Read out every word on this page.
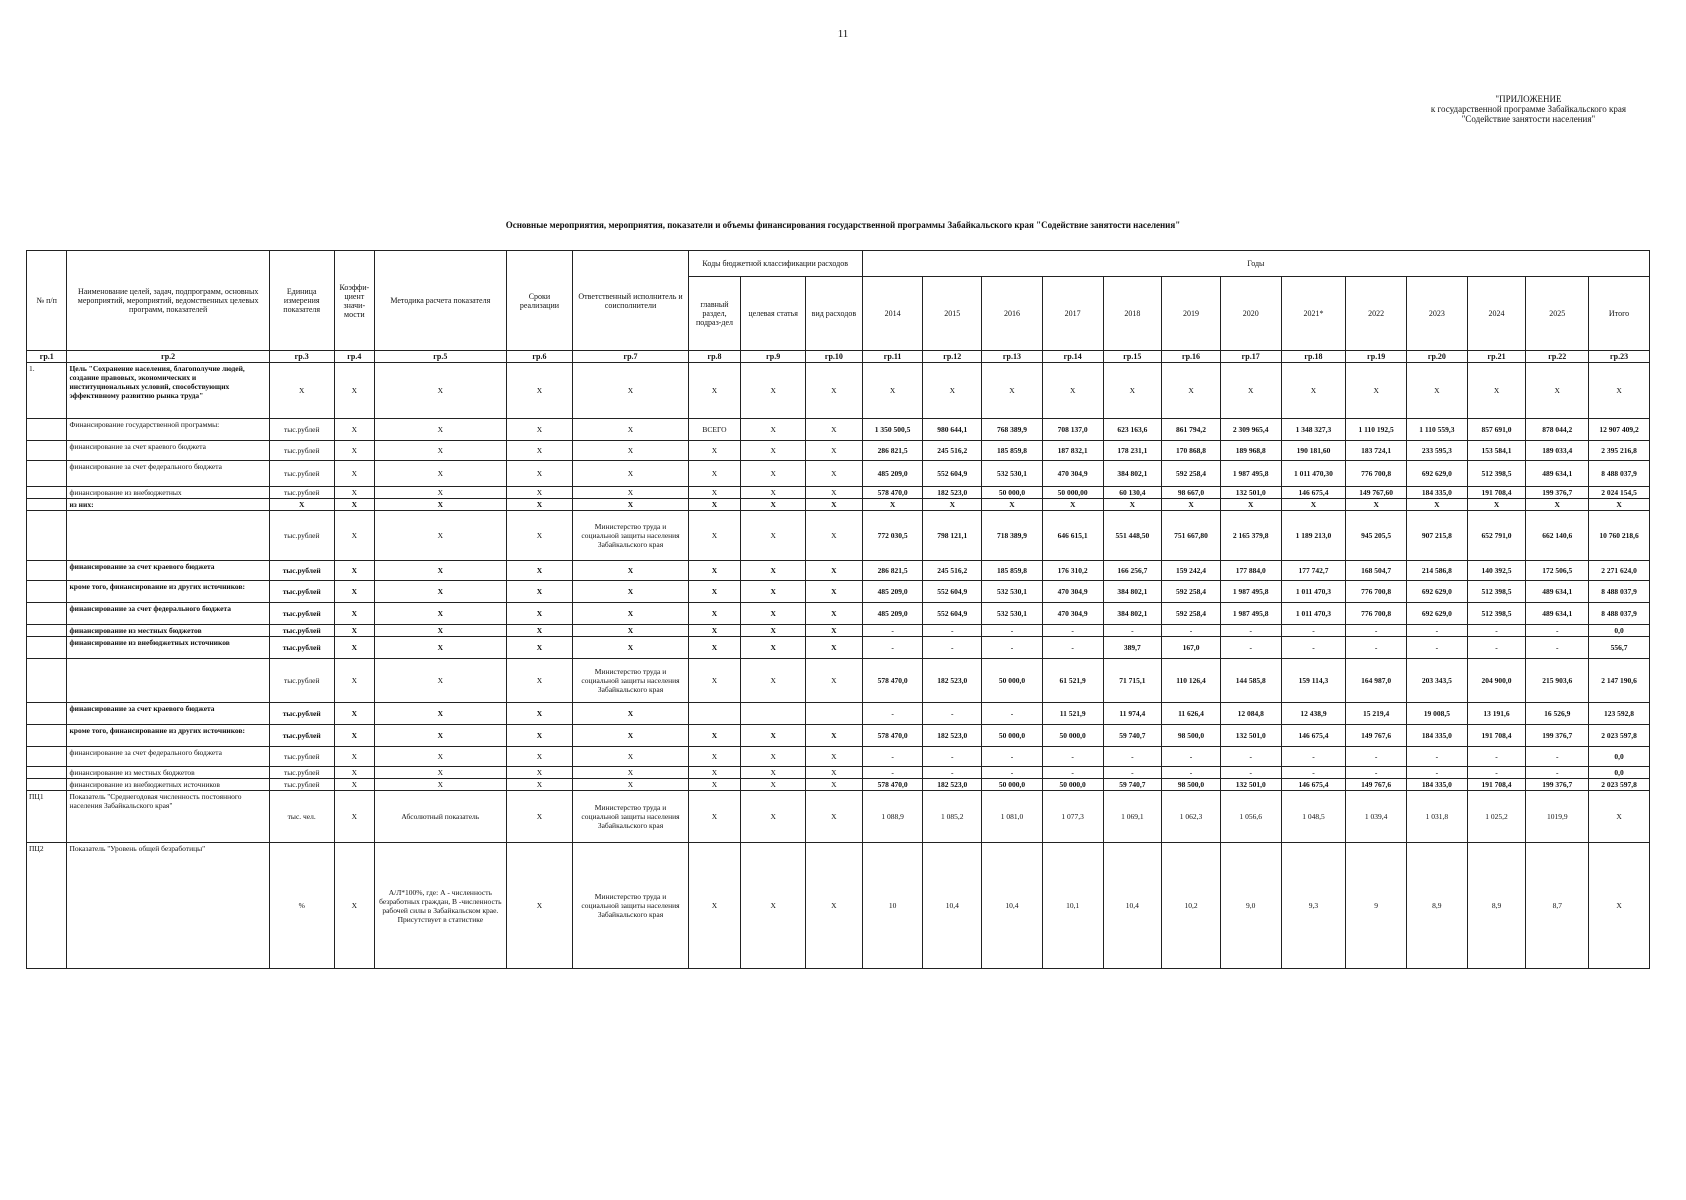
11
"ПРИЛОЖЕНИЕ
к государственной программе Забайкальского края
"Содействие занятости населения"
Основные мероприятия, мероприятия, показатели и объемы финансирования государственной программы Забайкальского края "Содействие занятости населения"
№ п/п	Наименование целей, задач, подпрограмм, основных мероприятий, мероприятий, ведомственных целевых программ, показателей	Единица измерения показателя	Коэффи-циент значи-мости	Методика расчета показателя	Сроки реализации	Ответственный исполнитель и соисполнители	Коды бюджетной классификации расходов			Годы												
							главный раздел, подраз-дел	целевая статья	вид расходов	2014	2015	2016	2017	2018	2019	2020	2021*	2022	2023	2024	2025	Итого
гр.1	гр.2	гр.3	гр.4	гр.5	гр.6	гр.7	гр.8	гр.9	гр.10	гр.11	гр.12	гр.13	гр.14	гр.15	гр.16	гр.17	гр.18	гр.19	гр.20	гр.21	гр.22	гр.23
1.	Цель "Сохранение населения, благополучие людей, создание правовых, экономических и институциональных условий, способствующих эффективному развитию рынка труда"	X	X	X	X	X	X	X	X	X	X	X	X	X	X	X	X	X	X	X	X	X
	Финансирование государственной программы:	тыс.рублей	X	X	X	X	ВСЕГО	X	X	1 350 500,5	980 644,1	768 389,9	708 137,0	623 163,6	861 794,2	2 309 965,4	1 348 327,3	1 110 192,5	1 110 559,3	857 691,0	878 044,2	12 907 409,2
	финансирование за счет краевого бюджета	тыс.рублей	X	X	X	X	X	X	X	286 821,5	245 516,2	185 859,8	187 832,1	178 231,1	170 868,8	189 968,8	190 181,60	183 724,1	233 595,3	153 584,1	189 033,4	2 395 216,8
	финансирование за счет федерального бюджета	тыс.рублей	X	X	X	X	X	X	X	485 209,0	552 604,9	532 530,1	470 304,9	384 802,1	592 258,4	1 987 495,8	1 011 470,30	776 700,8	692 629,0	512 398,5	489 634,1	8 488 037,9
	финансирование из внебюджетных	тыс.рублей	X	X	X	X	X	X	X	578 470,0	182 523,0	50 000,0	50 000,00	60 130,4	98 667,0	132 501,0	146 675,4	149 767,60	184 335,0	191 708,4	199 376,7	2 024 154,5
	из них:	X	X	X	X	X	X	X	X	X	X	X	X	X	X	X	X	X	X	X	X	X
		тыс.рублей	X	X	X	Министерство труда и социальной защиты населения Забайкальского края	X	X	X	772 030,5	798 121,1	718 389,9	646 615,1	551 448,50	751 667,80	2 165 379,8	1 189 213,0	945 205,5	907 215,8	652 791,0	662 140,6	10 760 218,6
	финансирование за счет краевого бюджета	тыс.рублей	X	X	X	X	X	X	X	286 821,5	245 516,2	185 859,8	176 310,2	166 256,7	159 242,4	177 884,0	177 742,7	168 504,7	214 586,8	140 392,5	172 506,5	2 271 624,0
	кроме того, финансирование из других источников:	тыс.рублей	X	X	X	X	X	X	X	485 209,0	552 604,9	532 530,1	470 304,9	384 802,1	592 258,4	1 987 495,8	1 011 470,3	776 700,8	692 629,0	512 398,5	489 634,1	8 488 037,9
	финансирование за счет федерального бюджета	тыс.рублей	X	X	X	X	X	X	X	485 209,0	552 604,9	532 530,1	470 304,9	384 802,1	592 258,4	1 987 495,8	1 011 470,3	776 700,8	692 629,0	512 398,5	489 634,1	8 488 037,9
	финансирование из местных бюджетов	тыс.рублей	X	X	X	X	X	X	X	-	-	-	-	-	-	-	-	-	-	-	-	0,0
	финансирование из внебюджетных источников	тыс.рублей	X	X	X	X	X	X	X	-	-	-	-	389,7	167,0	-	-	-	-	-	-	556,7
		тыс.рублей	X	X	X	Министерство труда и социальной защиты населения Забайкальского края	X	X	X	578 470,0	182 523,0	50 000,0	61 521,9	71 715,1	110 126,4	144 585,8	159 114,3	164 987,0	203 343,5	204 900,0	215 903,6	2 147 190,6
	финансирование за счет краевого бюджета	тыс.рублей	X	X	X	X				-	-	-	11 521,9	11 974,4	11 626,4	12 084,8	12 438,9	15 219,4	19 008,5	13 191,6	16 526,9	123 592,8
	кроме того, финансирование из других источников:	тыс.рублей	X	X	X	X	X	X	X	578 470,0	182 523,0	50 000,0	50 000,0	59 740,7	98 500,0	132 501,0	146 675,4	149 767,6	184 335,0	191 708,4	199 376,7	2 023 597,8
	финансирование за счет федерального бюджета	тыс.рублей	X	X	X	X	X	X	X	-	-	-	-	-	-	-	-	-	-	-	-	0,0
	финансирование из местных бюджетов	тыс.рублей	X	X	X	X	X	X	X	-	-	-	-	-	-	-	-	-	-	-	-	0,0
	финансирование из внебюджетных источников	тыс.рублей	X	X	X	X	X	X	X	578 470,0	182 523,0	50 000,0	50 000,0	59 740,7	98 500,0	132 501,0	146 675,4	149 767,6	184 335,0	191 708,4	199 376,7	2 023 597,8
ПЦ1	Показатель "Среднегодовая численность постоянного населения Забайкальского края"	тыс. чел.	X	Абсолютный показатель	X	Министерство труда и социальной защиты населения Забайкальского края	X	X	X	1 088,9	1 085,2	1 081,0	1 077,3	1 069,1	1 062,3	1 056,6	1 048,5	1 039,4	1 031,8	1 025,2	1019,9	X
ПЦ2	Показатель "Уровень общей безработицы"	%	X	А/Л*100%, где: А - численность безработных граждан, В -численность рабочей силы в Забайкальском крае. Присутствует в статистике	X	Министерство труда и социальной защиты населения Забайкальского края	X	X	X	10	10,4	10,4	10,1	10,4	10,2	9,0	9,3	9	8,9	8,9	8,7	X
